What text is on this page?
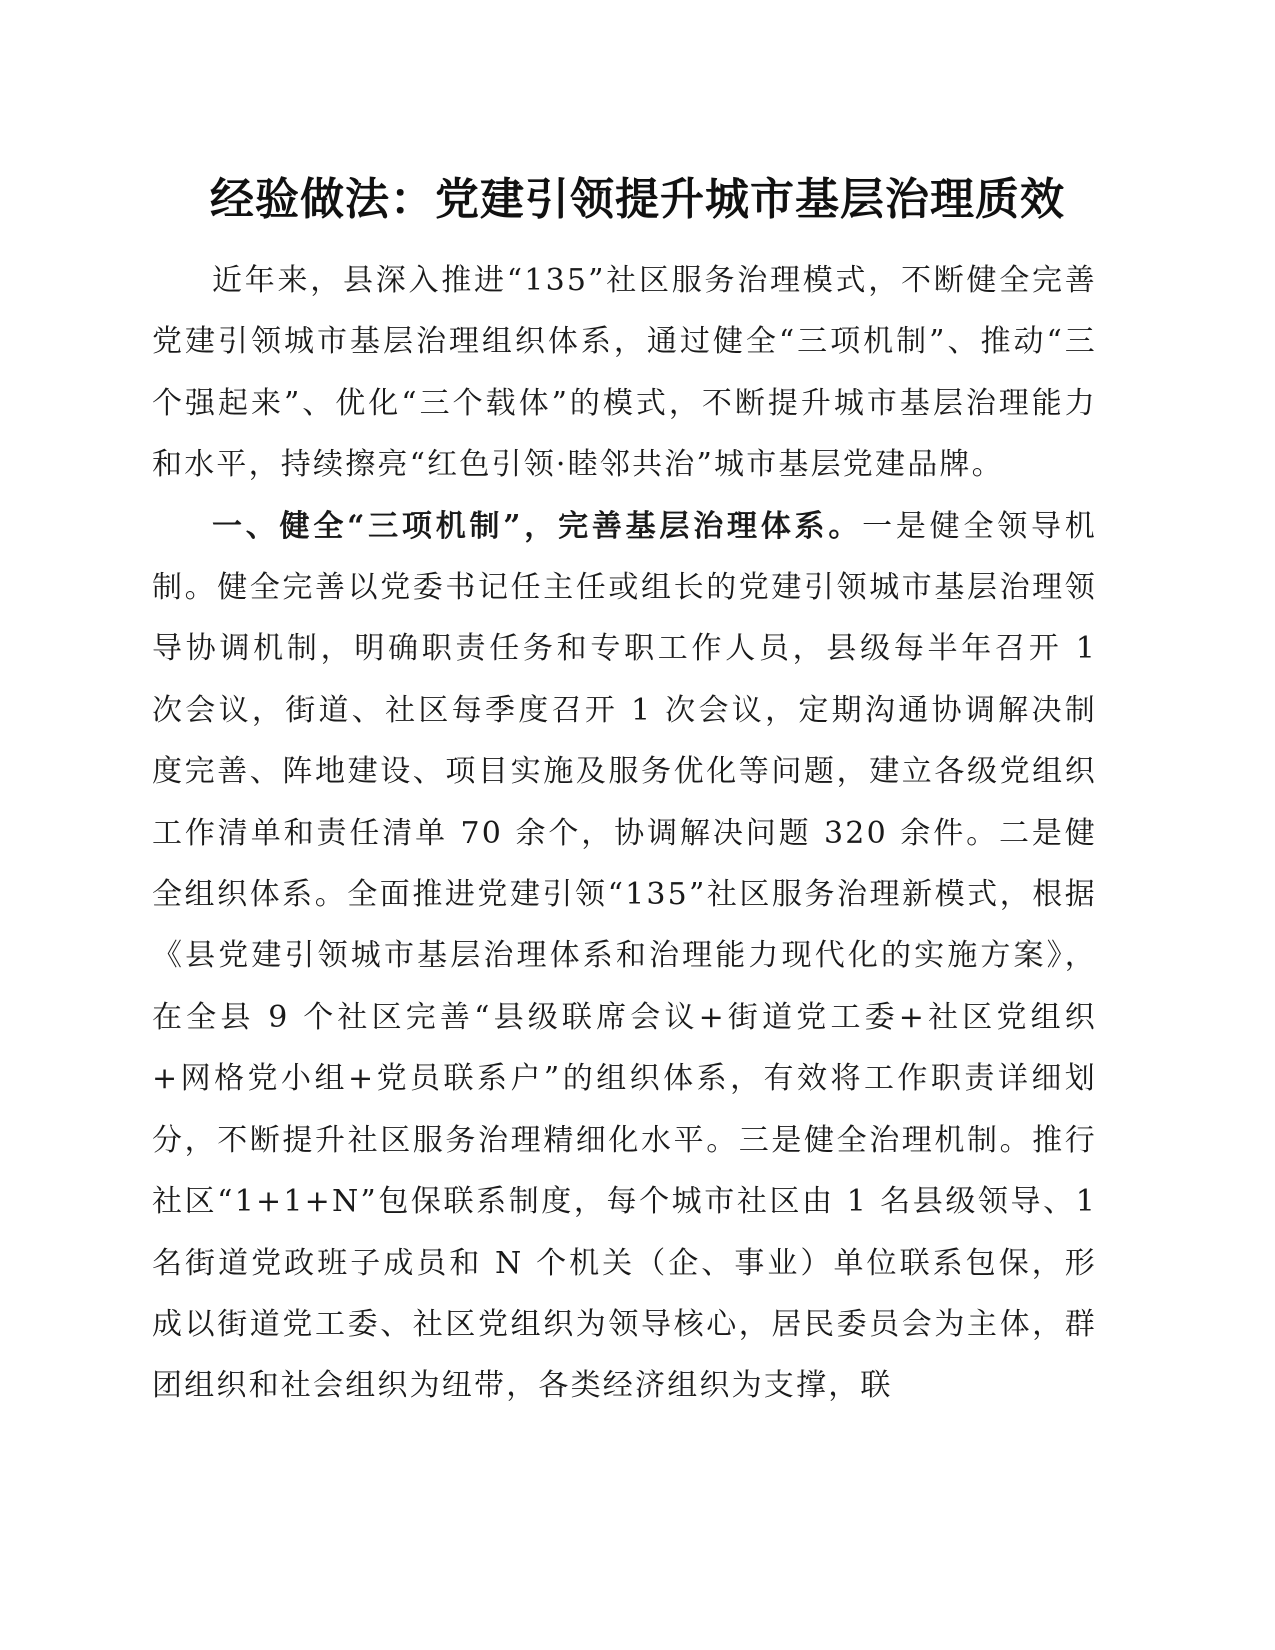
经验做法：党建引领提升城市基层治理质效

近年来，县深入推进“135”社区服务治理模式，不断健全完善党建引领城市基层治理组织体系，通过健全“三项机制”、推动“三个强起来”、优化“三个载体”的模式，不断提升城市基层治理能力和水平，持续擦亮“红色引领·睦邻共治”城市基层党建品牌。

一、健全“三项机制”，完善基层治理体系。一是健全领导机制。健全完善以党委书记任主任或组长的党建引领城市基层治理领导协调机制，明确职责任务和专职工作人员，县级每半年召开 1 次会议，街道、社区每季度召开 1 次会议，定期沟通协调解决制度完善、阵地建设、项目实施及服务优化等问题，建立各级党组织工作清单和责任清单 70 余个，协调解决问题 320 余件。二是健全组织体系。全面推进党建引领“135”社区服务治理新模式，根据《县党建引领城市基层治理体系和治理能力现代化的实施方案》，在全县 9 个社区完善“县级联席会议+街道党工委+社区党组织+网格党小组+党员联系户”的组织体系，有效将工作职责详细划分，不断提升社区服务治理精细化水平。三是健全治理机制。推行社区“1+1+N”包保联系制度，每个城市社区由 1 名县级领导、1 名街道党政班子成员和 N 个机关（企、事业）单位联系包保，形成以街道党工委、社区党组织为领导核心，居民委员会为主体，群团组织和社会组织为纽带，各类经济组织为支撑，联
